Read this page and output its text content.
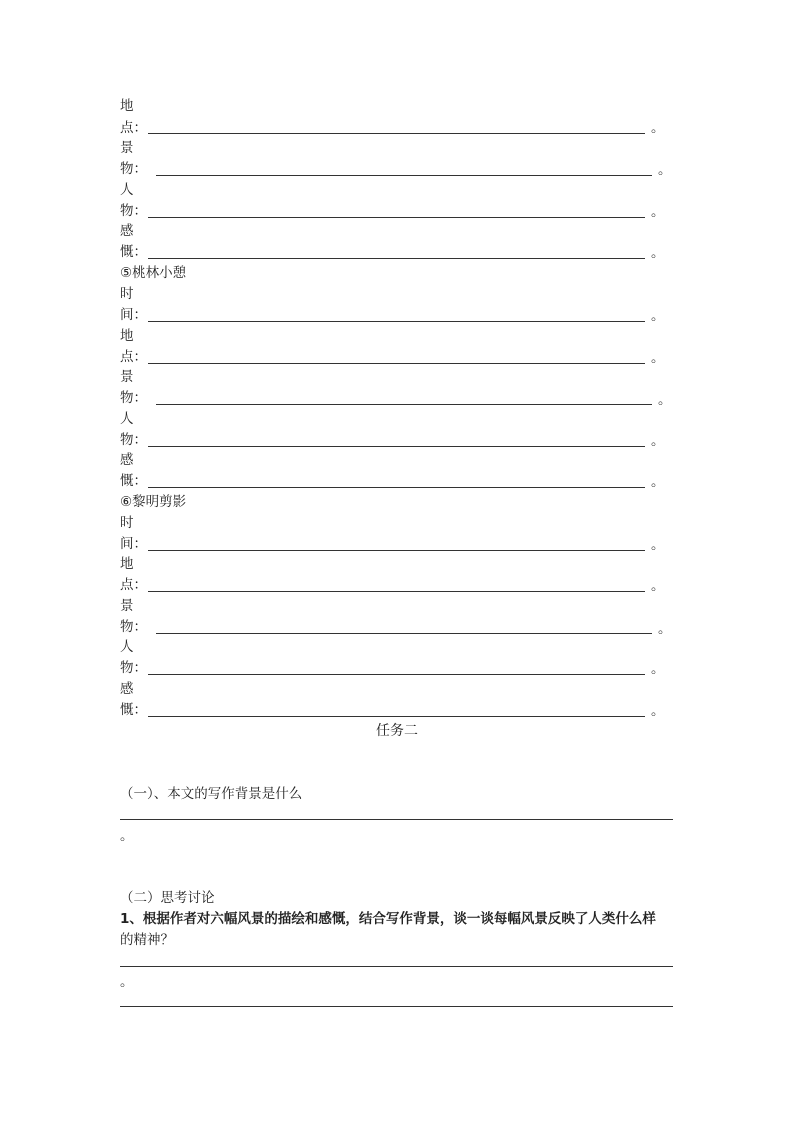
地
点：	。
景
物：	。
人
物：	。
感
慨：	。
⑤桃林小憩
时
间：	。
地
点：	。
景
物：	。
人
物：	。
感
慨：	。
⑥黎明剪影
时
间：	。
地
点：	。
景
物：	。
人
物：	。
感
慨：	。
任务二
（一）、本文的写作背景是什么
。
（二）思考讨论
1、根据作者对六幅风景的描绘和感慨，结合写作背景，谈一谈每幅风景反映了人类什么样
的精神？
。
